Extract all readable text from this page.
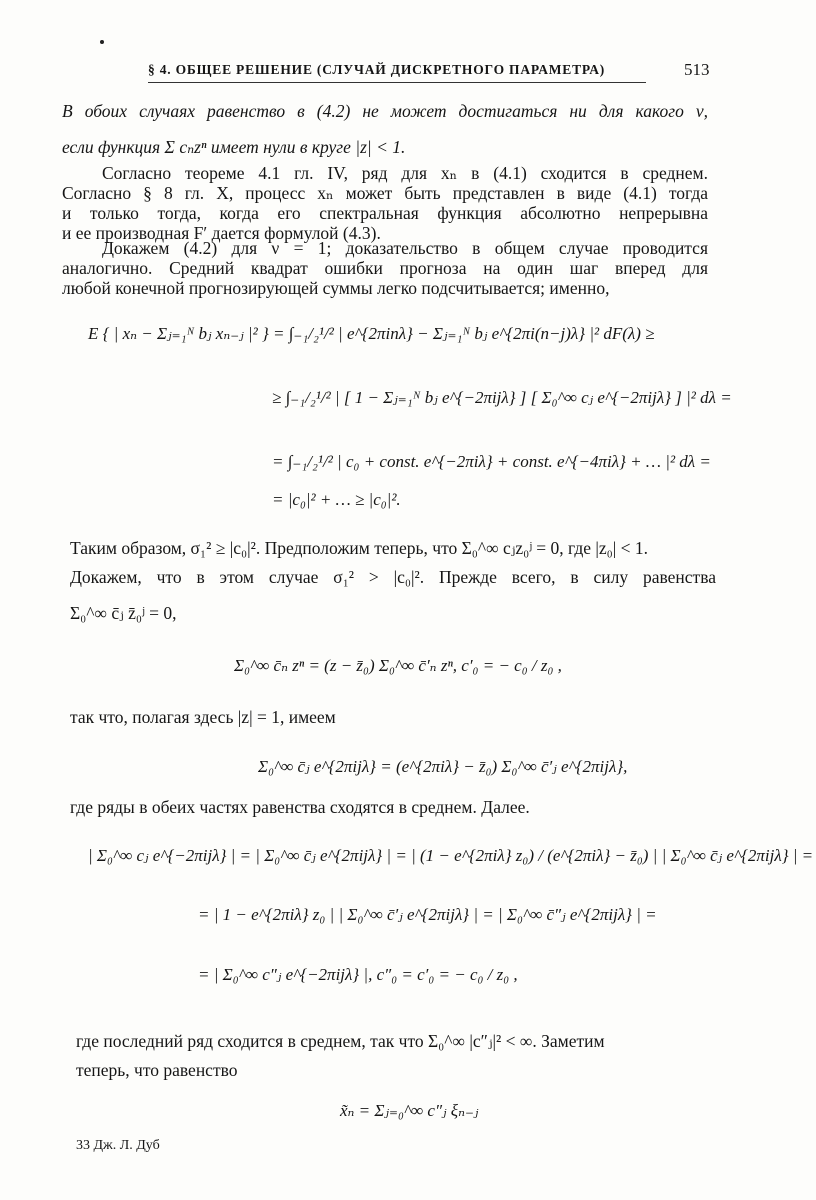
§ 4. ОБЩЕЕ РЕШЕНИЕ (СЛУЧАЙ ДИСКРЕТНОГО ПАРАМЕТРА)	513
В обоих случаях равенство в (4.2) не может достигаться ни для какого ν,
если функция Σ cₙzⁿ имеет нули в круге |z| < 1.
Согласно теореме 4.1 гл. IV, ряд для xₙ в (4.1) сходится в среднем.
Согласно § 8 гл. X, процесс xₙ может быть представлен в виде (4.1) тогда
и только тогда, когда его спектральная функция абсолютно непрерывна
и ее производная F′ дается формулой (4.3).
Докажем (4.2) для ν = 1; доказательство в общем случае проводится
аналогично. Средний квадрат ошибки прогноза на один шаг вперед для
любой конечной прогнозирующей суммы легко подсчитывается; именно,
E { | xₙ − Σⱼ₌₁ᴺ bⱼ xₙ₋ⱼ |² } = ∫₋₁/₂¹/² | e^{2πinλ} − Σⱼ₌₁ᴺ bⱼ e^{2πi(n−j)λ} |² dF(λ) ≥
≥ ∫₋₁/₂¹/² | [ 1 − Σⱼ₌₁ᴺ bⱼ e^{−2πijλ} ] [ Σ₀^∞ cⱼ e^{−2πijλ} ] |² dλ =
= ∫₋₁/₂¹/² | c₀ + const. e^{−2πiλ} + const. e^{−4πiλ} + … |² dλ =
= |c₀|² + … ≥ |c₀|².
Таким образом, σ₁² ≥ |c₀|². Предположим теперь, что Σ₀^∞ cⱼz₀ʲ = 0, где |z₀| < 1.
Докажем, что в этом случае σ₁² > |c₀|². Прежде всего, в силу равенства
Σ₀^∞ c̄ⱼ z̄₀ʲ = 0,
Σ₀^∞ c̄ₙ zⁿ = (z − z̄₀) Σ₀^∞ c̄′ₙ zⁿ, c′₀ = − c₀ / z₀ ,
так что, полагая здесь |z| = 1, имеем
Σ₀^∞ c̄ⱼ e^{2πijλ} = (e^{2πiλ} − z̄₀) Σ₀^∞ c̄′ⱼ e^{2πijλ},
где ряды в обеих частях равенства сходятся в среднем. Далее.
| Σ₀^∞ cⱼ e^{−2πijλ} | = | Σ₀^∞ c̄ⱼ e^{2πijλ} | = | (1 − e^{2πiλ} z₀) / (e^{2πiλ} − z̄₀) | | Σ₀^∞ c̄ⱼ e^{2πijλ} | =
= | 1 − e^{2πiλ} z₀ | | Σ₀^∞ c̄′ⱼ e^{2πijλ} | = | Σ₀^∞ c̄″ⱼ e^{2πijλ} | =
= | Σ₀^∞ c″ⱼ e^{−2πijλ} |, c″₀ = c′₀ = − c₀ / z₀ ,
где последний ряд сходится в среднем, так что Σ₀^∞ |c″ⱼ|² < ∞. Заметим
теперь, что равенство
x̃ₙ = Σⱼ₌₀^∞ c″ⱼ ξₙ₋ⱼ
33 Дж. Л. Дуб
